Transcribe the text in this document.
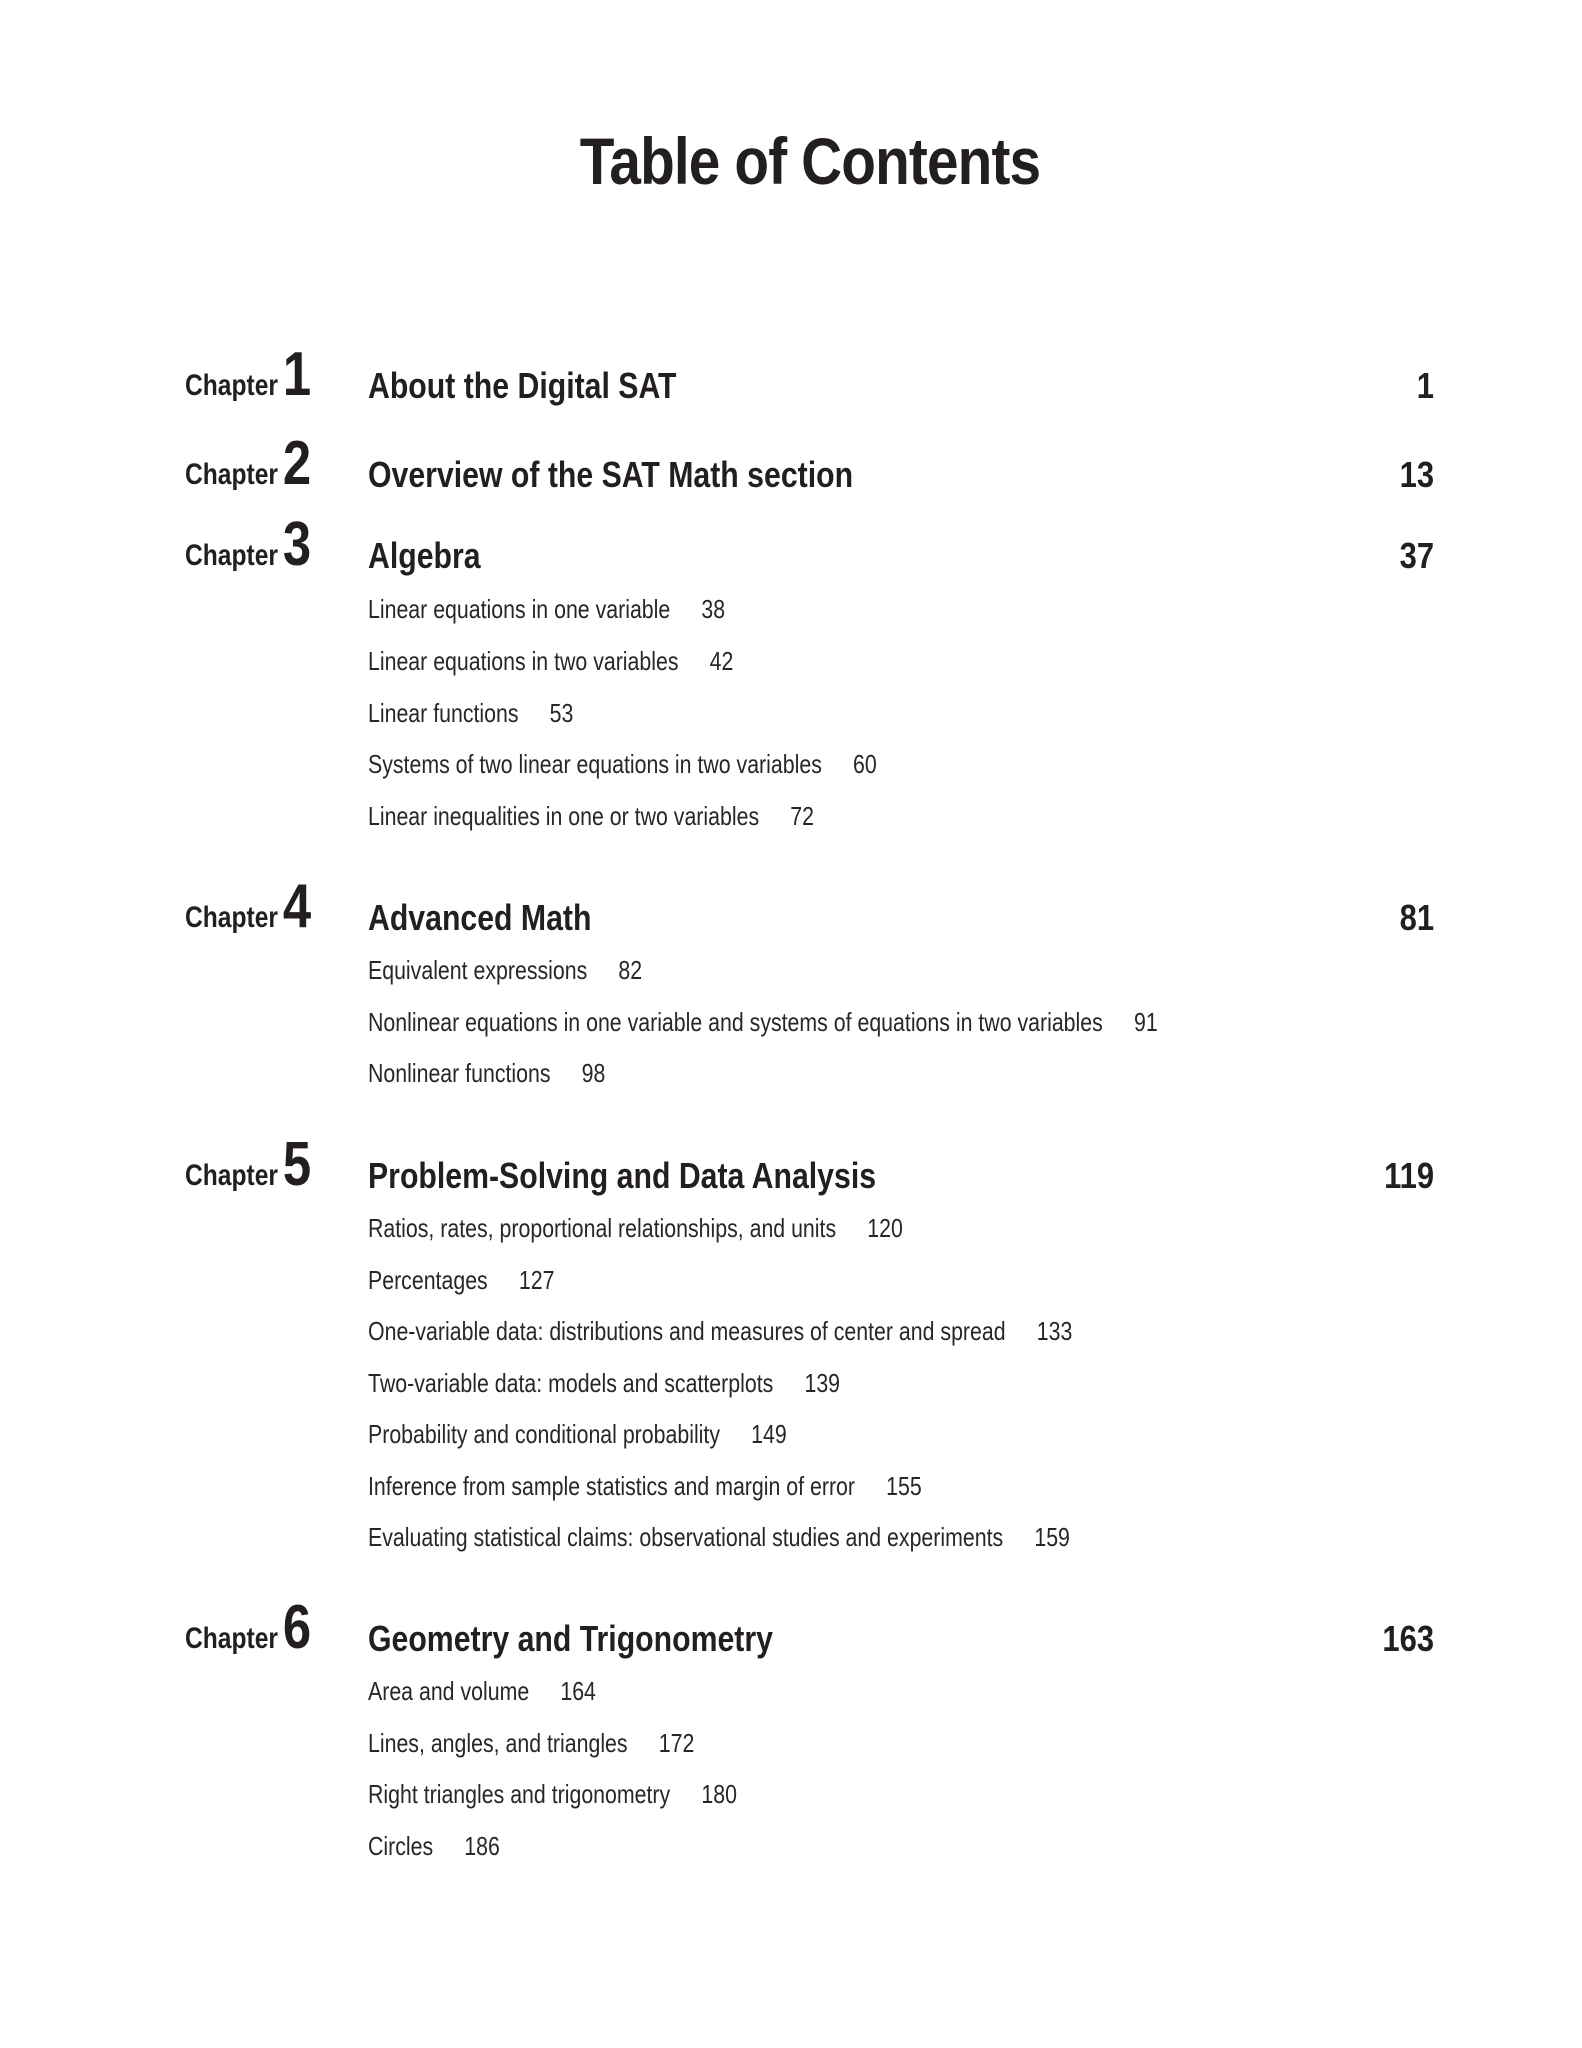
Table of Contents
Chapter1 About the Digital SAT	1
Chapter2 Overview of the SAT Math section	13
Chapter3 Algebra	37
Linear equations in one variable 38
Linear equations in two variables 42
Linear functions 53
Systems of two linear equations in two variables 60
Linear inequalities in one or two variables 72
Chapter4 Advanced Math	81
Equivalent expressions 82
Nonlinear equations in one variable and systems of equations in two variables 91
Nonlinear functions 98
Chapter5 Problem-Solving and Data Analysis	119
Ratios, rates, proportional relationships, and units 120
Percentages 127
One-variable data: distributions and measures of center and spread 133
Two-variable data: models and scatterplots 139
Probability and conditional probability 149
Inference from sample statistics and margin of error 155
Evaluating statistical claims: observational studies and experiments 159
Chapter6 Geometry and Trigonometry	163
Area and volume 164
Lines, angles, and triangles 172
Right triangles and trigonometry 180
Circles 186
